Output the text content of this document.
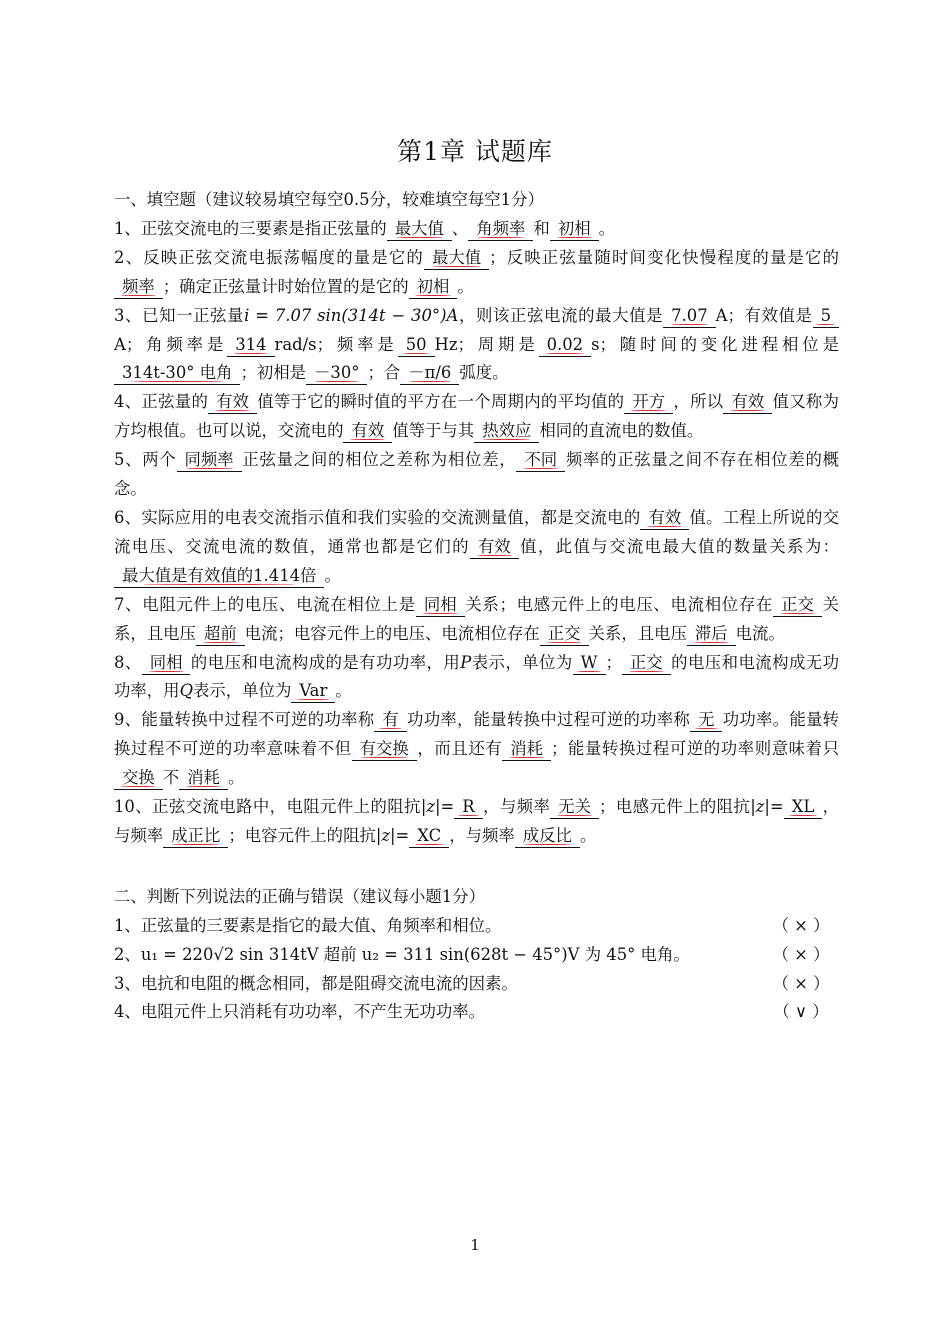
第1章 试题库

一、填空题（建议较易填空每空0.5分，较难填空每空1分）

1、正弦交流电的三要素是指正弦量的 最大值 、 角频率 和 初相 。

2、反映正弦交流电振荡幅度的量是它的 最大值 ；反映正弦量随时间变化快慢程度的量是它的频率 ；确定正弦量计时始位置的是它的 初相 。

3、已知一正弦量i = 7.07 sin(314t − 30°)A，则该正弦电流的最大值是 7.07 A；有效值是 5A；角频率是 314 rad/s；频率是 50 Hz；周期是 0.02 s；随时间的变化进程相位是314t-30° 电角 ；初相是 －30° ；合 －π/6 弧度。

4、正弦量的 有效 值等于它的瞬时值的平方在一个周期内的平均值的 开方 ，所以 有效 值又称为方均根值。也可以说，交流电的 有效 值等于与其 热效应 相同的直流电的数值。

5、两个 同频率 正弦量之间的相位之差称为相位差， 不同 频率的正弦量之间不存在相位差的概念。

6、实际应用的电表交流指示值和我们实验的交流测量值，都是交流电的 有效 值。工程上所说的交流电压、交流电流的数值，通常也都是它们的 有效 值，此值与交流电最大值的数量关系为：最大值是有效值的1.414倍 。

7、电阻元件上的电压、电流在相位上是 同相 关系；电感元件上的电压、电流相位存在 正交 关系，且电压 超前 电流；电容元件上的电压、电流相位存在 正交 关系，且电压 滞后 电流。

8、 同相 的电压和电流构成的是有功功率，用P表示，单位为 W ； 正交 的电压和电流构成无功功率，用Q表示，单位为 Var 。

9、能量转换中过程不可逆的功率称 有 功功率，能量转换中过程可逆的功率称 无 功功率。能量转换过程不可逆的功率意味着不但 有交换 ，而且还有 消耗 ；能量转换过程可逆的功率则意味着只交换 不 消耗 。

10、正弦交流电路中，电阻元件上的阻抗|z|= R ，与频率 无关 ；电感元件上的阻抗|z|= XL ，与频率 成正比 ；电容元件上的阻抗|z|= XC ，与频率 成反比 。

二、判断下列说法的正确与错误（建议每小题1分）

1、正弦量的三要素是指它的最大值、角频率和相位。	（ × ）

2、u₁ = 220√2 sin 314tV 超前 u₂ = 311 sin(628t − 45°)V 为 45° 电角。	（ × ）

3、电抗和电阻的概念相同，都是阻碍交流电流的因素。	（ × ）

4、电阻元件上只消耗有功功率，不产生无功功率。	（ ∨ ）

1
